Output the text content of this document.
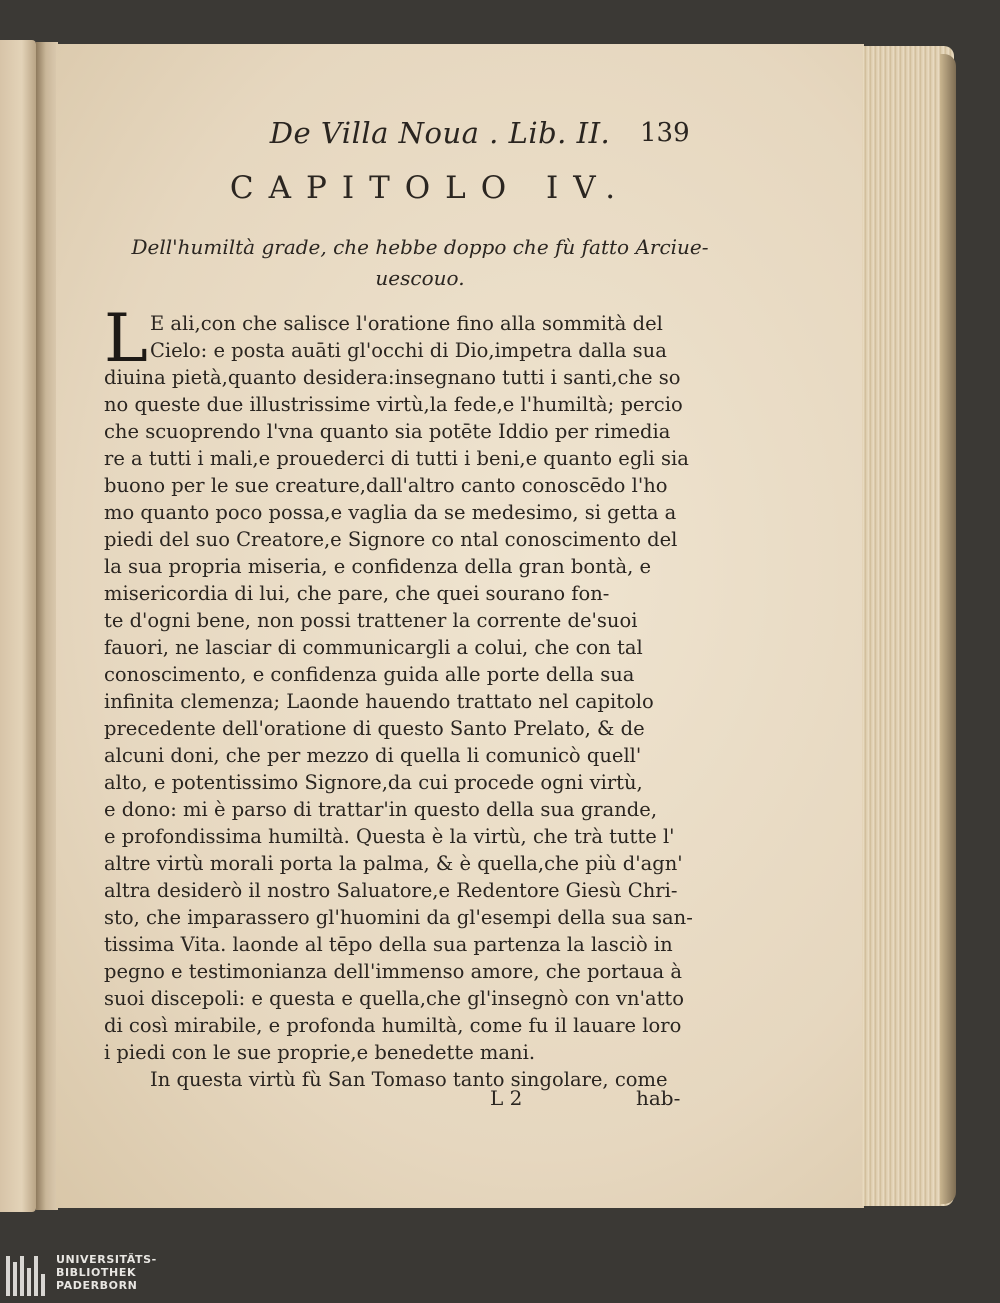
De Villa Noua . Lib. II.	139
CAPITOLO IV.
Dell'humiltà grade, che hebbe doppo che fù fatto Arciue-
uescouo.
L E ali,con che salisce l'oratione fino alla sommità del
Cielo: e posta auāti gl'occhi di Dio,impetra dalla sua
diuina pietà,quanto desidera:insegnano tutti i santi,che so
no queste due illustrissime virtù,la fede,e l'humiltà; percio
che scuoprendo l'vna quanto sia potēte Iddio per rimedia
re a tutti i mali,e prouederci di tutti i beni,e quanto egli sia
buono per le sue creature,dall'altro canto conoscēdo l'ho
mo quanto poco possa,e vaglia da se medesimo, si getta a
piedi del suo Creatore,e Signore co ntal conoscimento del
la sua propria miseria, e confidenza della gran bontà, e
misericordia di lui, che pare, che quei sourano fon-
te d'ogni bene, non possi trattener la corrente de'suoi
fauori, ne lasciar di communicargli a colui, che con tal
conoscimento, e confidenza guida alle porte della sua
infinita clemenza; Laonde hauendo trattato nel capitolo
precedente dell'oratione di questo Santo Prelato, & de
alcuni doni, che per mezzo di quella li comunicò quell'
alto, e potentissimo Signore,da cui procede ogni virtù,
e dono: mi è parso di trattar'in questo della sua grande,
e profondissima humiltà. Questa è la virtù, che trà tutte l'
altre virtù morali porta la palma, & è quella,che più d'agn'
altra desiderò il nostro Saluatore,e Redentore Giesù Chri-
sto, che imparassero gl'huomini da gl'esempi della sua san-
tissima Vita. laonde al tēpo della sua partenza la lasciò in
pegno e testimonianza dell'immenso amore, che portaua à
suoi discepoli: e questa e quella,che gl'insegnò con vn'atto
di così mirabile, e profonda humiltà, come fu il lauare loro
i piedi con le sue proprie,e benedette mani.
In questa virtù fù San Tomaso tanto singolare, come
L 2	hab-
UNIVERSITÄTS-
BIBLIOTHEK
PADERBORN
